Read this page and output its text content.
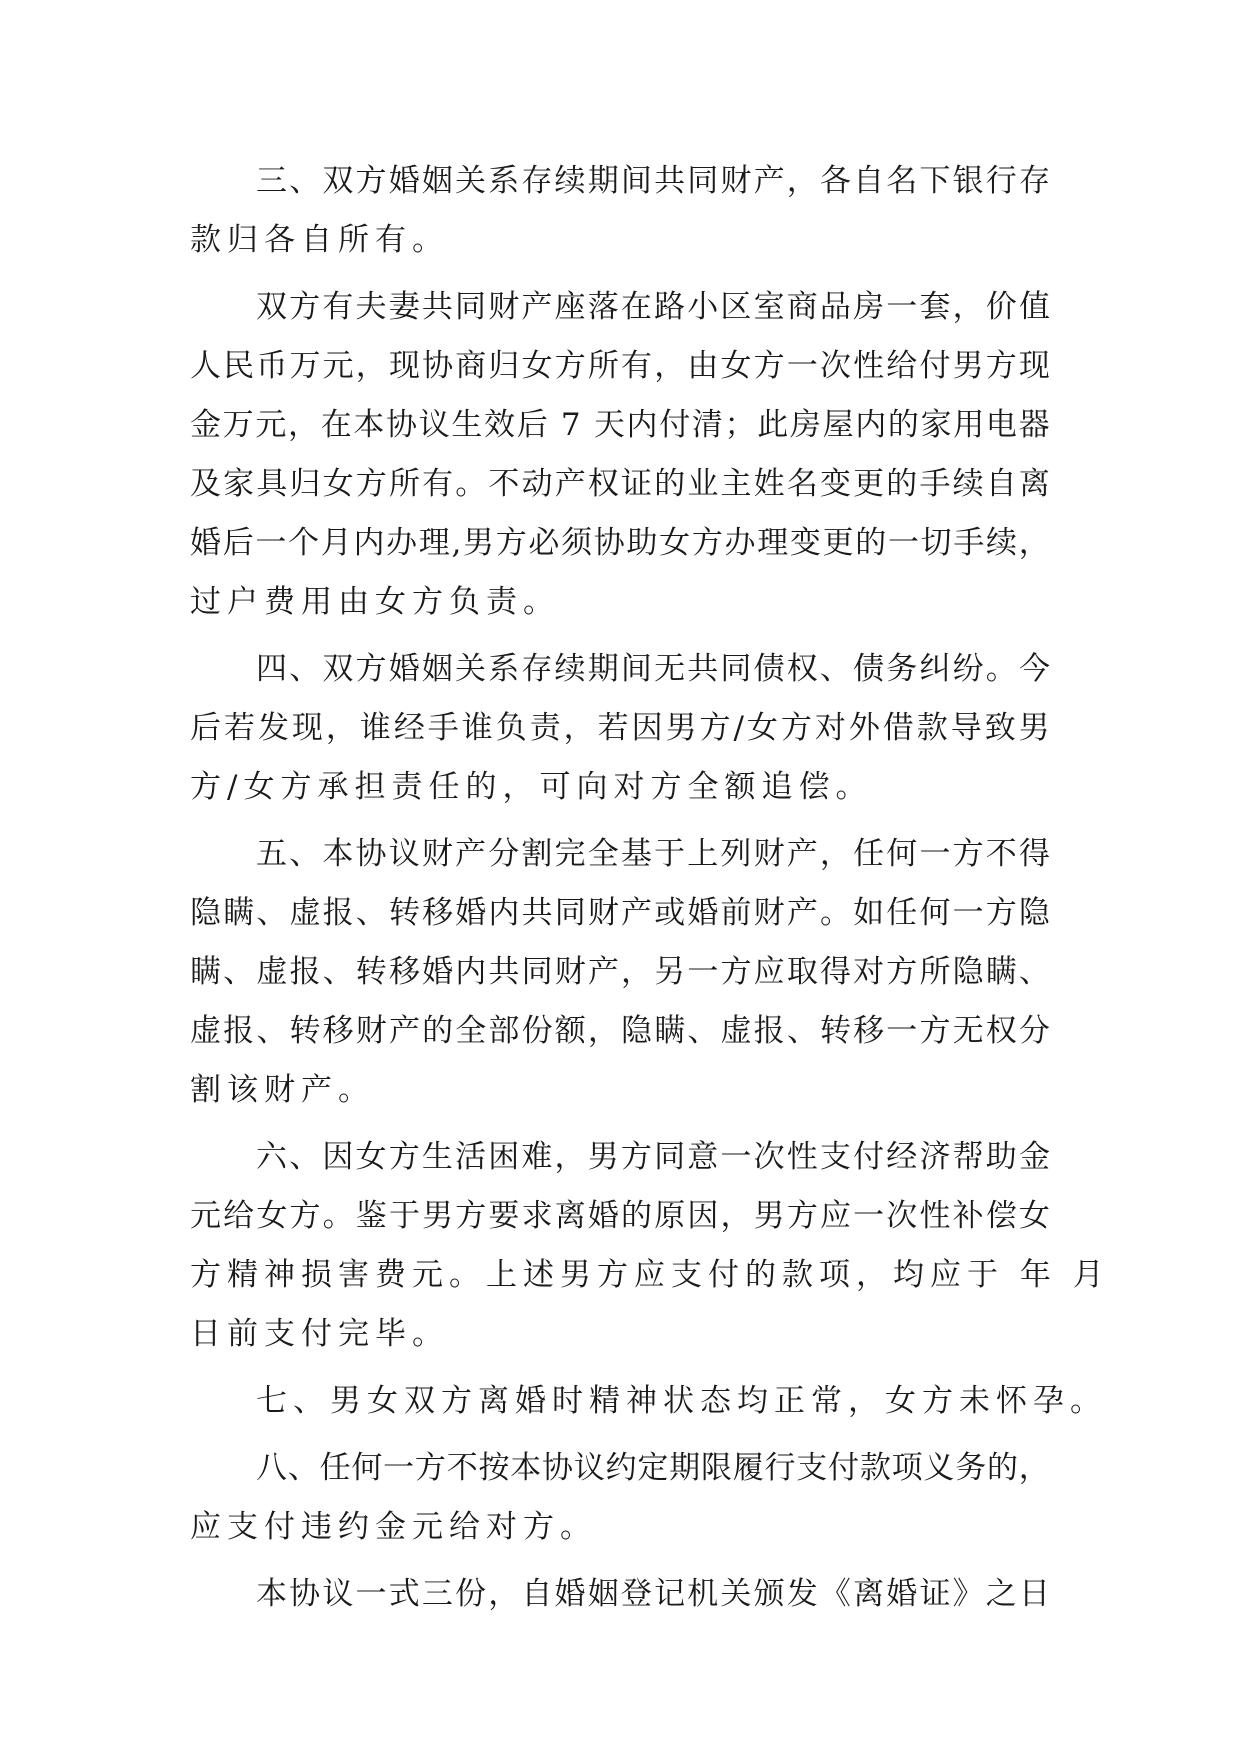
三 、 双 方 婚 姻 关 系 存 续 期 间 共 同 财 产 ， 各 自 名 下 银 行 存
款归各自所有。
双 方 有 夫 妻 共 同 财 产 座 落 在 路 小 区 室 商 品 房 一 套 ， 价 值
人 民 币 万 元 ， 现 协 商 归 女 方 所 有 ， 由 女 方 一 次 性 给 付 男 方 现
金 万 元 ， 在 本 协 议 生 效 后
7
天 内 付 清 ； 此 房 屋 内 的 家 用 电 器
及 家 具 归 女 方 所 有 。 不 动 产 权 证 的 业 主 姓 名 变 更 的 手 续 自 离
婚 后 一 个 月 内 办 理 , 男 方 必 须 协 助 女 方 办 理 变 更 的 一 切 手 续 ，
过户费用由女方负责。
四 、 双 方 婚 姻 关 系 存 续 期 间 无 共 同 债 权 、 债 务 纠 纷 。 今
后 若 发 现 ， 谁 经 手 谁 负 责 ， 若 因 男 方 / 女 方 对 外 借 款 导 致 男
方/女方承担责任的，可向对方全额追偿。
五 、 本 协 议 财 产 分 割 完 全 基 于 上 列 财 产 ， 任 何 一 方 不 得
隐 瞒 、 虚 报 、 转 移 婚 内 共 同 财 产 或 婚 前 财 产 。 如 任 何 一 方 隐
瞒 、 虚 报 、 转 移 婚 内 共 同 财 产 ， 另 一 方 应 取 得 对 方 所 隐 瞒 、
虚 报 、 转 移 财 产 的 全 部 份 额 ， 隐 瞒 、 虚 报 、 转 移 一 方 无 权 分
割该财产。
六 、 因 女 方 生 活 困 难 ， 男 方 同 意 一 次 性 支 付 经 济 帮 助 金
元 给 女 方 。 鉴 于 男 方 要 求 离 婚 的 原 因 ， 男 方 应 一 次 性 补 偿 女
方精神损害费元。上述男方应支付的款项，均应于 年 月
日前支付完毕。
七、男女双方离婚时精神状态均正常，女方未怀孕。
八 、 任 何 一 方 不 按 本 协 议 约 定 期 限 履 行 支 付 款 项 义 务 的 ，
应支付违约金元给对方。
本 协 议 一 式 三 份 ， 自 婚 姻 登 记 机 关 颁 发 《 离 婚 证 》 之 日
